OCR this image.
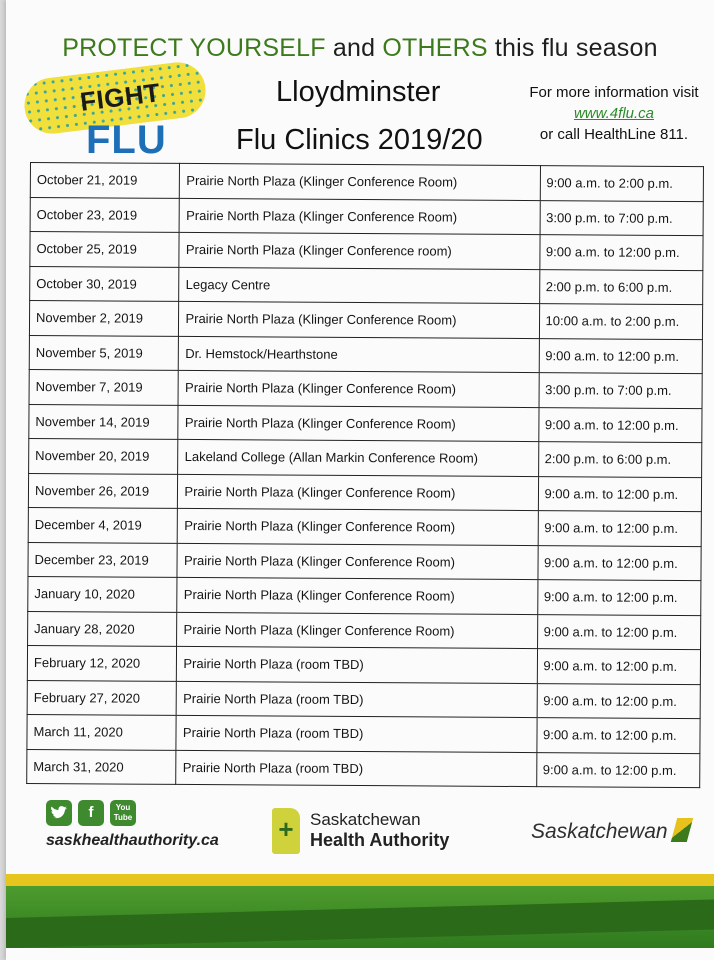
PROTECT YOURSELF and OTHERS this flu season
FIGHT
FLU
Lloydminster
Flu Clinics 2019/20
For more information visit
www.4flu.ca
or call HealthLine 811.
October 21, 2019	Prairie North Plaza (Klinger Conference Room)	9:00 a.m. to 2:00 p.m.
October 23, 2019	Prairie North Plaza (Klinger Conference Room)	3:00 p.m. to 7:00 p.m.
October 25, 2019	Prairie North Plaza (Klinger Conference room)	9:00 a.m. to 12:00 p.m.
October 30, 2019	Legacy Centre	2:00 p.m. to 6:00 p.m.
November 2, 2019	Prairie North Plaza (Klinger Conference Room)	10:00 a.m. to 2:00 p.m.
November 5, 2019	Dr. Hemstock/Hearthstone	9:00 a.m. to 12:00 p.m.
November 7, 2019	Prairie North Plaza (Klinger Conference Room)	3:00 p.m. to 7:00 p.m.
November 14, 2019	Prairie North Plaza (Klinger Conference Room)	9:00 a.m. to 12:00 p.m.
November 20, 2019	Lakeland College (Allan Markin Conference Room)	2:00 p.m. to 6:00 p.m.
November 26, 2019	Prairie North Plaza (Klinger Conference Room)	9:00 a.m. to 12:00 p.m.
December 4, 2019	Prairie North Plaza (Klinger Conference Room)	9:00 a.m. to 12:00 p.m.
December 23, 2019	Prairie North Plaza (Klinger Conference Room)	9:00 a.m. to 12:00 p.m.
January 10, 2020	Prairie North Plaza (Klinger Conference Room)	9:00 a.m. to 12:00 p.m.
January 28, 2020	Prairie North Plaza (Klinger Conference Room)	9:00 a.m. to 12:00 p.m.
February 12, 2020	Prairie North Plaza (room TBD)	9:00 a.m. to 12:00 p.m.
February 27, 2020	Prairie North Plaza (room TBD)	9:00 a.m. to 12:00 p.m.
March 11, 2020	Prairie North Plaza (room TBD)	9:00 a.m. to 12:00 p.m.
March 31, 2020	Prairie North Plaza (room TBD)	9:00 a.m. to 12:00 p.m.
f	You Tube
saskhealthauthority.ca + Saskatchewan
Health Authority	Saskatchewan
